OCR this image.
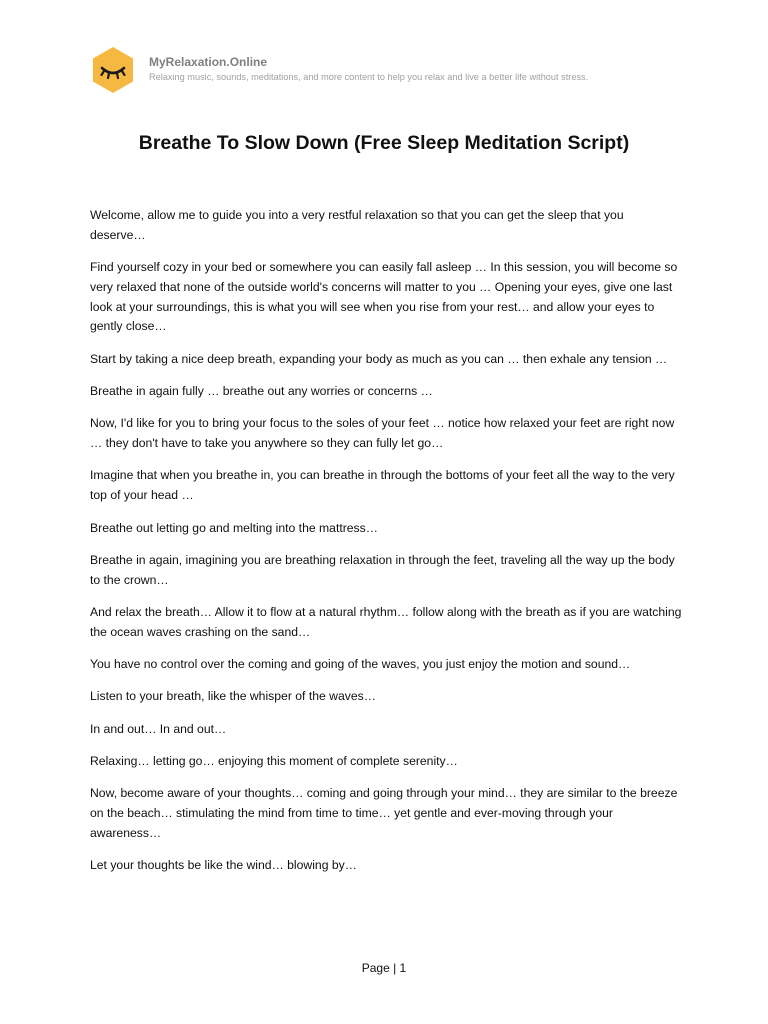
MyRelaxation.Online
Relaxing music, sounds, meditations, and more content to help you relax and live a better life without stress.
Breathe To Slow Down (Free Sleep Meditation Script)

Welcome, allow me to guide you into a very restful relaxation so that you can get the sleep that you deserve…

Find yourself cozy in your bed or somewhere you can easily fall asleep … In this session, you will become so very relaxed that none of the outside world's concerns will matter to you … Opening your eyes, give one last look at your surroundings, this is what you will see when you rise from your rest… and allow your eyes to gently close…

Start by taking a nice deep breath, expanding your body as much as you can … then exhale any tension …

Breathe in again fully … breathe out any worries or concerns …

Now, I'd like for you to bring your focus to the soles of your feet … notice how relaxed your feet are right now … they don't have to take you anywhere so they can fully let go…

Imagine that when you breathe in, you can breathe in through the bottoms of your feet all the way to the very top of your head …

Breathe out letting go and melting into the mattress…

Breathe in again, imagining you are breathing relaxation in through the feet, traveling all the way up the body to the crown…

And relax the breath… Allow it to flow at a natural rhythm… follow along with the breath as if you are watching the ocean waves crashing on the sand…

You have no control over the coming and going of the waves, you just enjoy the motion and sound…

Listen to your breath, like the whisper of the waves…

In and out… In and out…

Relaxing… letting go… enjoying this moment of complete serenity…

Now, become aware of your thoughts… coming and going through your mind… they are similar to the breeze on the beach… stimulating the mind from time to time… yet gentle and ever-moving through your awareness…

Let your thoughts be like the wind… blowing by…

Page | 1
